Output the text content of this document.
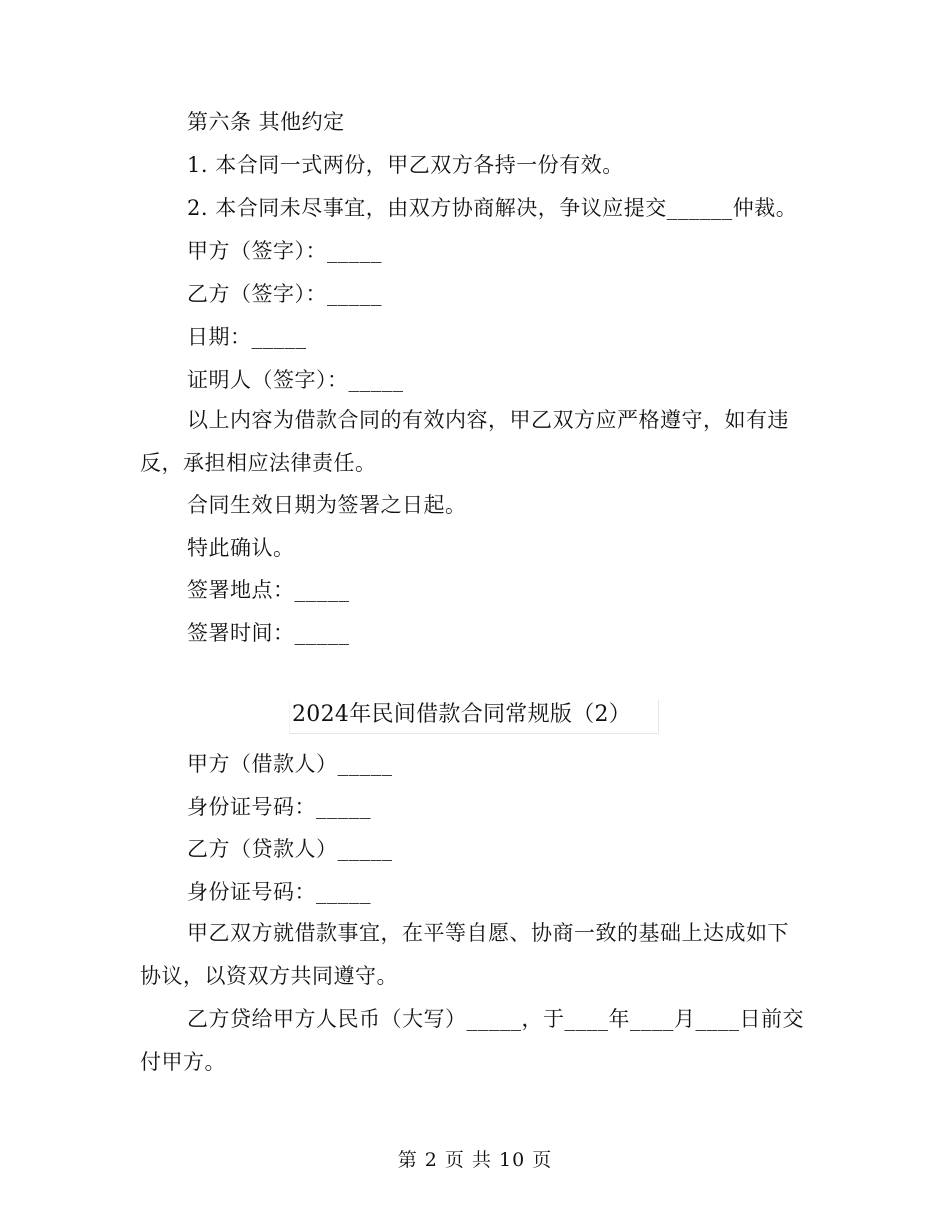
第六条 其他约定
1. 本合同一式两份，甲乙双方各持一份有效。
2. 本合同未尽事宜，由双方协商解决，争议应提交______仲裁。
甲方（签字）：_____
乙方（签字）：_____
日期：_____
证明人（签字）：_____
以上内容为借款合同的有效内容，甲乙双方应严格遵守，如有违
反，承担相应法律责任。
合同生效日期为签署之日起。
特此确认。
签署地点：_____
签署时间：_____
2024年民间借款合同常规版（2）
甲方（借款人）_____
身份证号码：_____
乙方（贷款人）_____
身份证号码：_____
甲乙双方就借款事宜，在平等自愿、协商一致的基础上达成如下
协议，以资双方共同遵守。
乙方贷给甲方人民币（大写）_____，于____年____月____日前交
付甲方。
第 2 页 共 10 页
